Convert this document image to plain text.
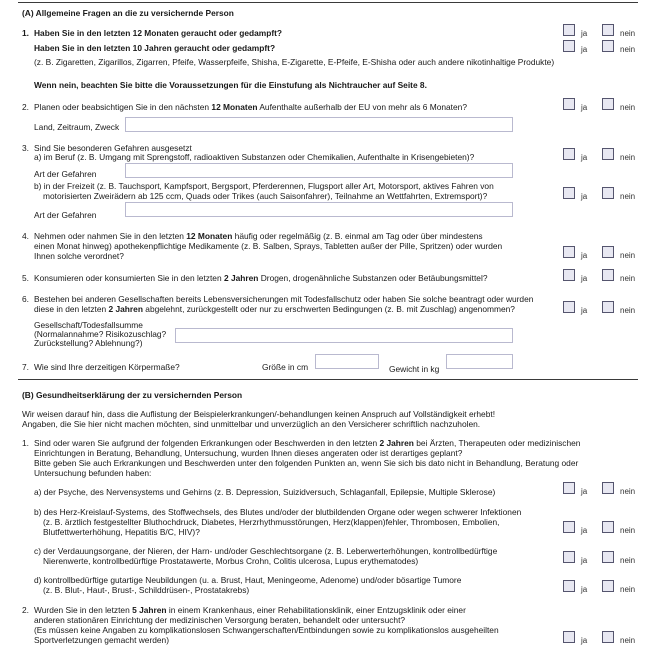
(A) Allgemeine Fragen an die zu versichernde Person
1. Haben Sie in den letzten 12 Monaten geraucht oder gedampft?
Haben Sie in den letzten 10 Jahren geraucht oder gedampft?
(z. B. Zigaretten, Zigarillos, Zigarren, Pfeife, Wasserpfeife, Shisha, E-Zigarette, E-Pfeife, E-Shisha oder auch andere nikotinhaltige Produkte)
Wenn nein, beachten Sie bitte die Voraussetzungen für die Einstufung als Nichtraucher auf Seite 8.
ja	nein
ja	nein
2. Planen oder beabsichtigen Sie in den nächsten 12 Monaten Aufenthalte außerhalb der EU von mehr als 6 Monaten?
Land, Zeitraum, Zweck
ja	nein
3. Sind Sie besonderen Gefahren ausgesetzt
a) im Beruf (z. B. Umgang mit Sprengstoff, radioaktiven Substanzen oder Chemikalien, Aufenthalte in Krisengebieten)?
Art der Gefahren
ja	nein
b) in der Freizeit (z. B. Tauchsport, Kampfsport, Bergsport, Pferderennen, Flugsport aller Art, Motorsport, aktives Fahren von
motorisierten Zweirädern ab 125 ccm, Quads oder Trikes (auch Saisonfahrer), Teilnahme an Wettfahrten, Extremsport)?
Art der Gefahren
ja	nein
4. Nehmen oder nahmen Sie in den letzten 12 Monaten häufig oder regelmäßig (z. B. einmal am Tag oder über mindestens
einen Monat hinweg) apothekenpflichtige Medikamente (z. B. Salben, Sprays, Tabletten außer der Pille, Spritzen) oder wurden
Ihnen solche verordnet?	ja	nein
5. Konsumieren oder konsumierten Sie in den letzten 2 Jahren Drogen, drogenähnliche Substanzen oder Betäubungsmittel?	ja	nein
6. Bestehen bei anderen Gesellschaften bereits Lebensversicherungen mit Todesfallschutz oder haben Sie solche beantragt oder wurden
diese in den letzten 2 Jahren abgelehnt, zurückgestellt oder nur zu erschwerten Bedingungen (z. B. mit Zuschlag) angenommen?
Gesellschaft/Todesfallsumme
(Normalannahme? Risikozuschlag?
Zurückstellung? Ablehnung?)
ja	nein
7. Wie sind Ihre derzeitigen Körpermaße?	Größe in cm	Gewicht in kg
(B) Gesundheitserklärung der zu versichernden Person
Wir weisen darauf hin, dass die Auflistung der Beispielerkrankungen/-behandlungen keinen Anspruch auf Vollständigkeit erhebt!
Angaben, die Sie hier nicht machen möchten, sind unmittelbar und unverzüglich an den Versicherer schriftlich nachzuholen.
1. Sind oder waren Sie aufgrund der folgenden Erkrankungen oder Beschwerden in den letzten 2 Jahren bei Ärzten, Therapeuten oder medizinischen
Einrichtungen in Beratung, Behandlung, Untersuchung, wurden Ihnen dieses angeraten oder ist derartiges geplant?
Bitte geben Sie auch Erkrankungen und Beschwerden unter den folgenden Punkten an, wenn Sie sich bis dato nicht in Behandlung, Beratung oder
Untersuchung befunden haben:
a) der Psyche, des Nervensystems und Gehirns (z. B. Depression, Suizidversuch, Schlaganfall, Epilepsie, Multiple Sklerose)	ja	nein
b) des Herz-Kreislauf-Systems, des Stoffwechsels, des Blutes und/oder der blutbildenden Organe oder wegen schwerer Infektionen
(z. B. ärztlich festgestellter Bluthochdruck, Diabetes, Herzrhythmusstörungen, Herz(klappen)fehler, Thrombosen, Embolien,
Blutfettwerterhöhung, Hepatitis B/C, HIV)?	ja	nein
c) der Verdauungsorgane, der Nieren, der Harn- und/oder Geschlechtsorgane (z. B. Leberwerterhöhungen, kontrollbedürftige
Nierenwerte, kontrollbedürftige Prostatawerte, Morbus Crohn, Colitis ulcerosa, Lupus erythematodes)	ja	nein
d) kontrollbedürftige gutartige Neubildungen (u. a. Brust, Haut, Meningeome, Adenome) und/oder bösartige Tumore
(z. B. Blut-, Haut-, Brust-, Schilddrüsen-, Prostatakrebs)	ja	nein
2. Wurden Sie in den letzten 5 Jahren in einem Krankenhaus, einer Rehabilitationsklinik, einer Entzugsklinik oder einer
anderen stationären Einrichtung der medizinischen Versorgung beraten, behandelt oder untersucht?
(Es müssen keine Angaben zu komplikationslosen Schwangerschaften/Entbindungen sowie zu komplikationslos ausgeheilten
Sportverletzungen gemacht werden)	ja	nein
